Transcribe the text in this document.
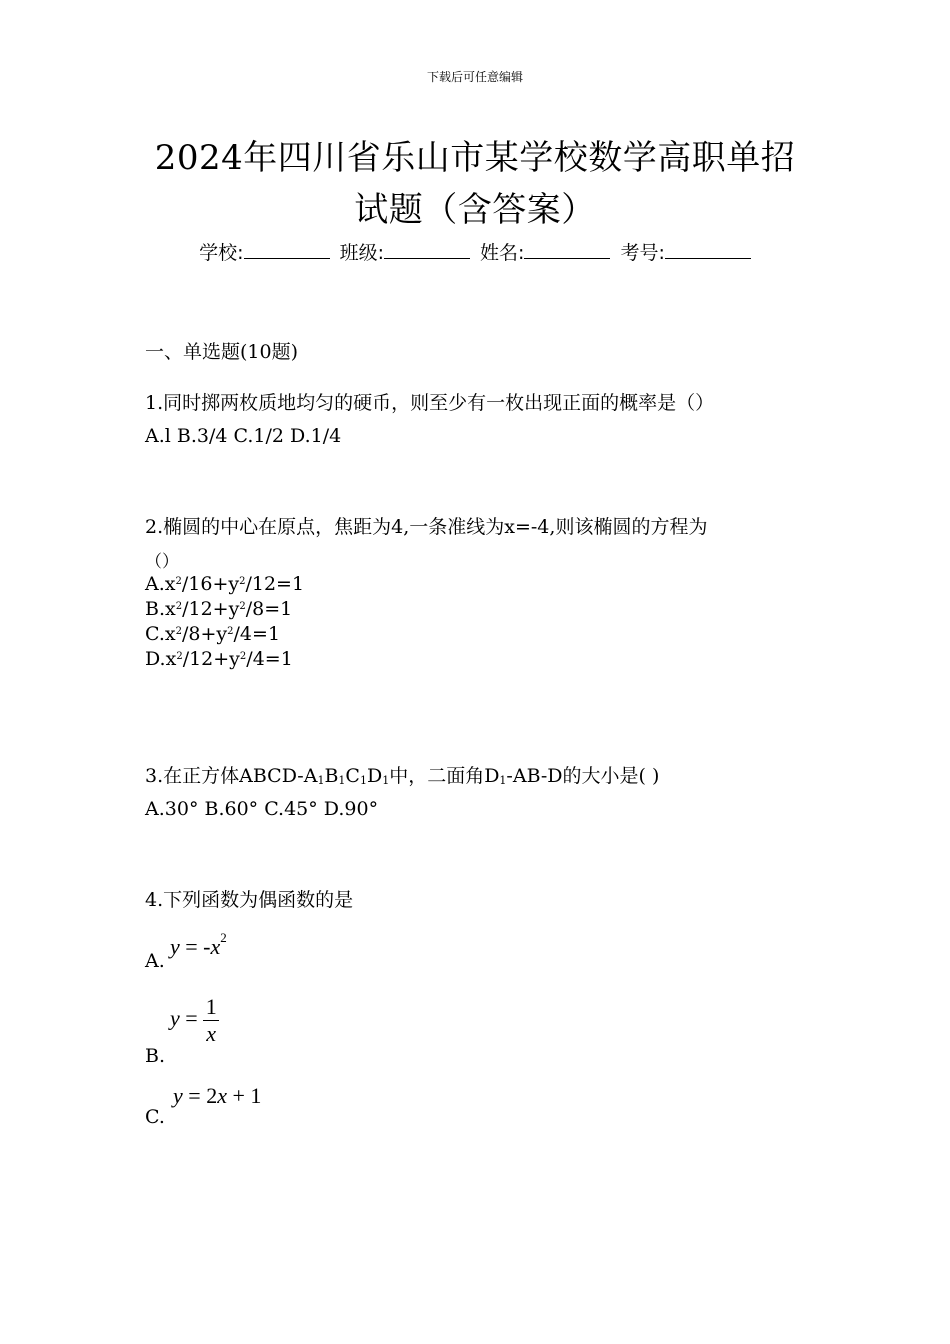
下载后可任意编辑
2024年四川省乐山市某学校数学高职单招
试题（含答案）
学校:	班级:	姓名:	考号:
一、单选题(10题)
1.同时掷两枚质地均匀的硬币，则至少有一枚出现正面的概率是（）
A.l B.3/4 C.1/2 D.1/4
2.椭圆的中心在原点，焦距为4,一条准线为x=-4,则该椭圆的方程为
（）
$A.x^2/16+y^2/12=1$
$B.x^2/12+y^2/8=1$
$C.x^2/8+y^2/4=1$
$D.x^2/12+y^2/4=1$
3.在正方体ABCD-$A_1B_1C_1D_1$中，二面角$D_1-AB-D$的大小是( )
A.30° B.60° C.45° D.90°
4.下列函数为偶函数的是
A.
$y = -x^2$
B.
$y = \frac{1}{x}$
C.
y = 2x + 1
